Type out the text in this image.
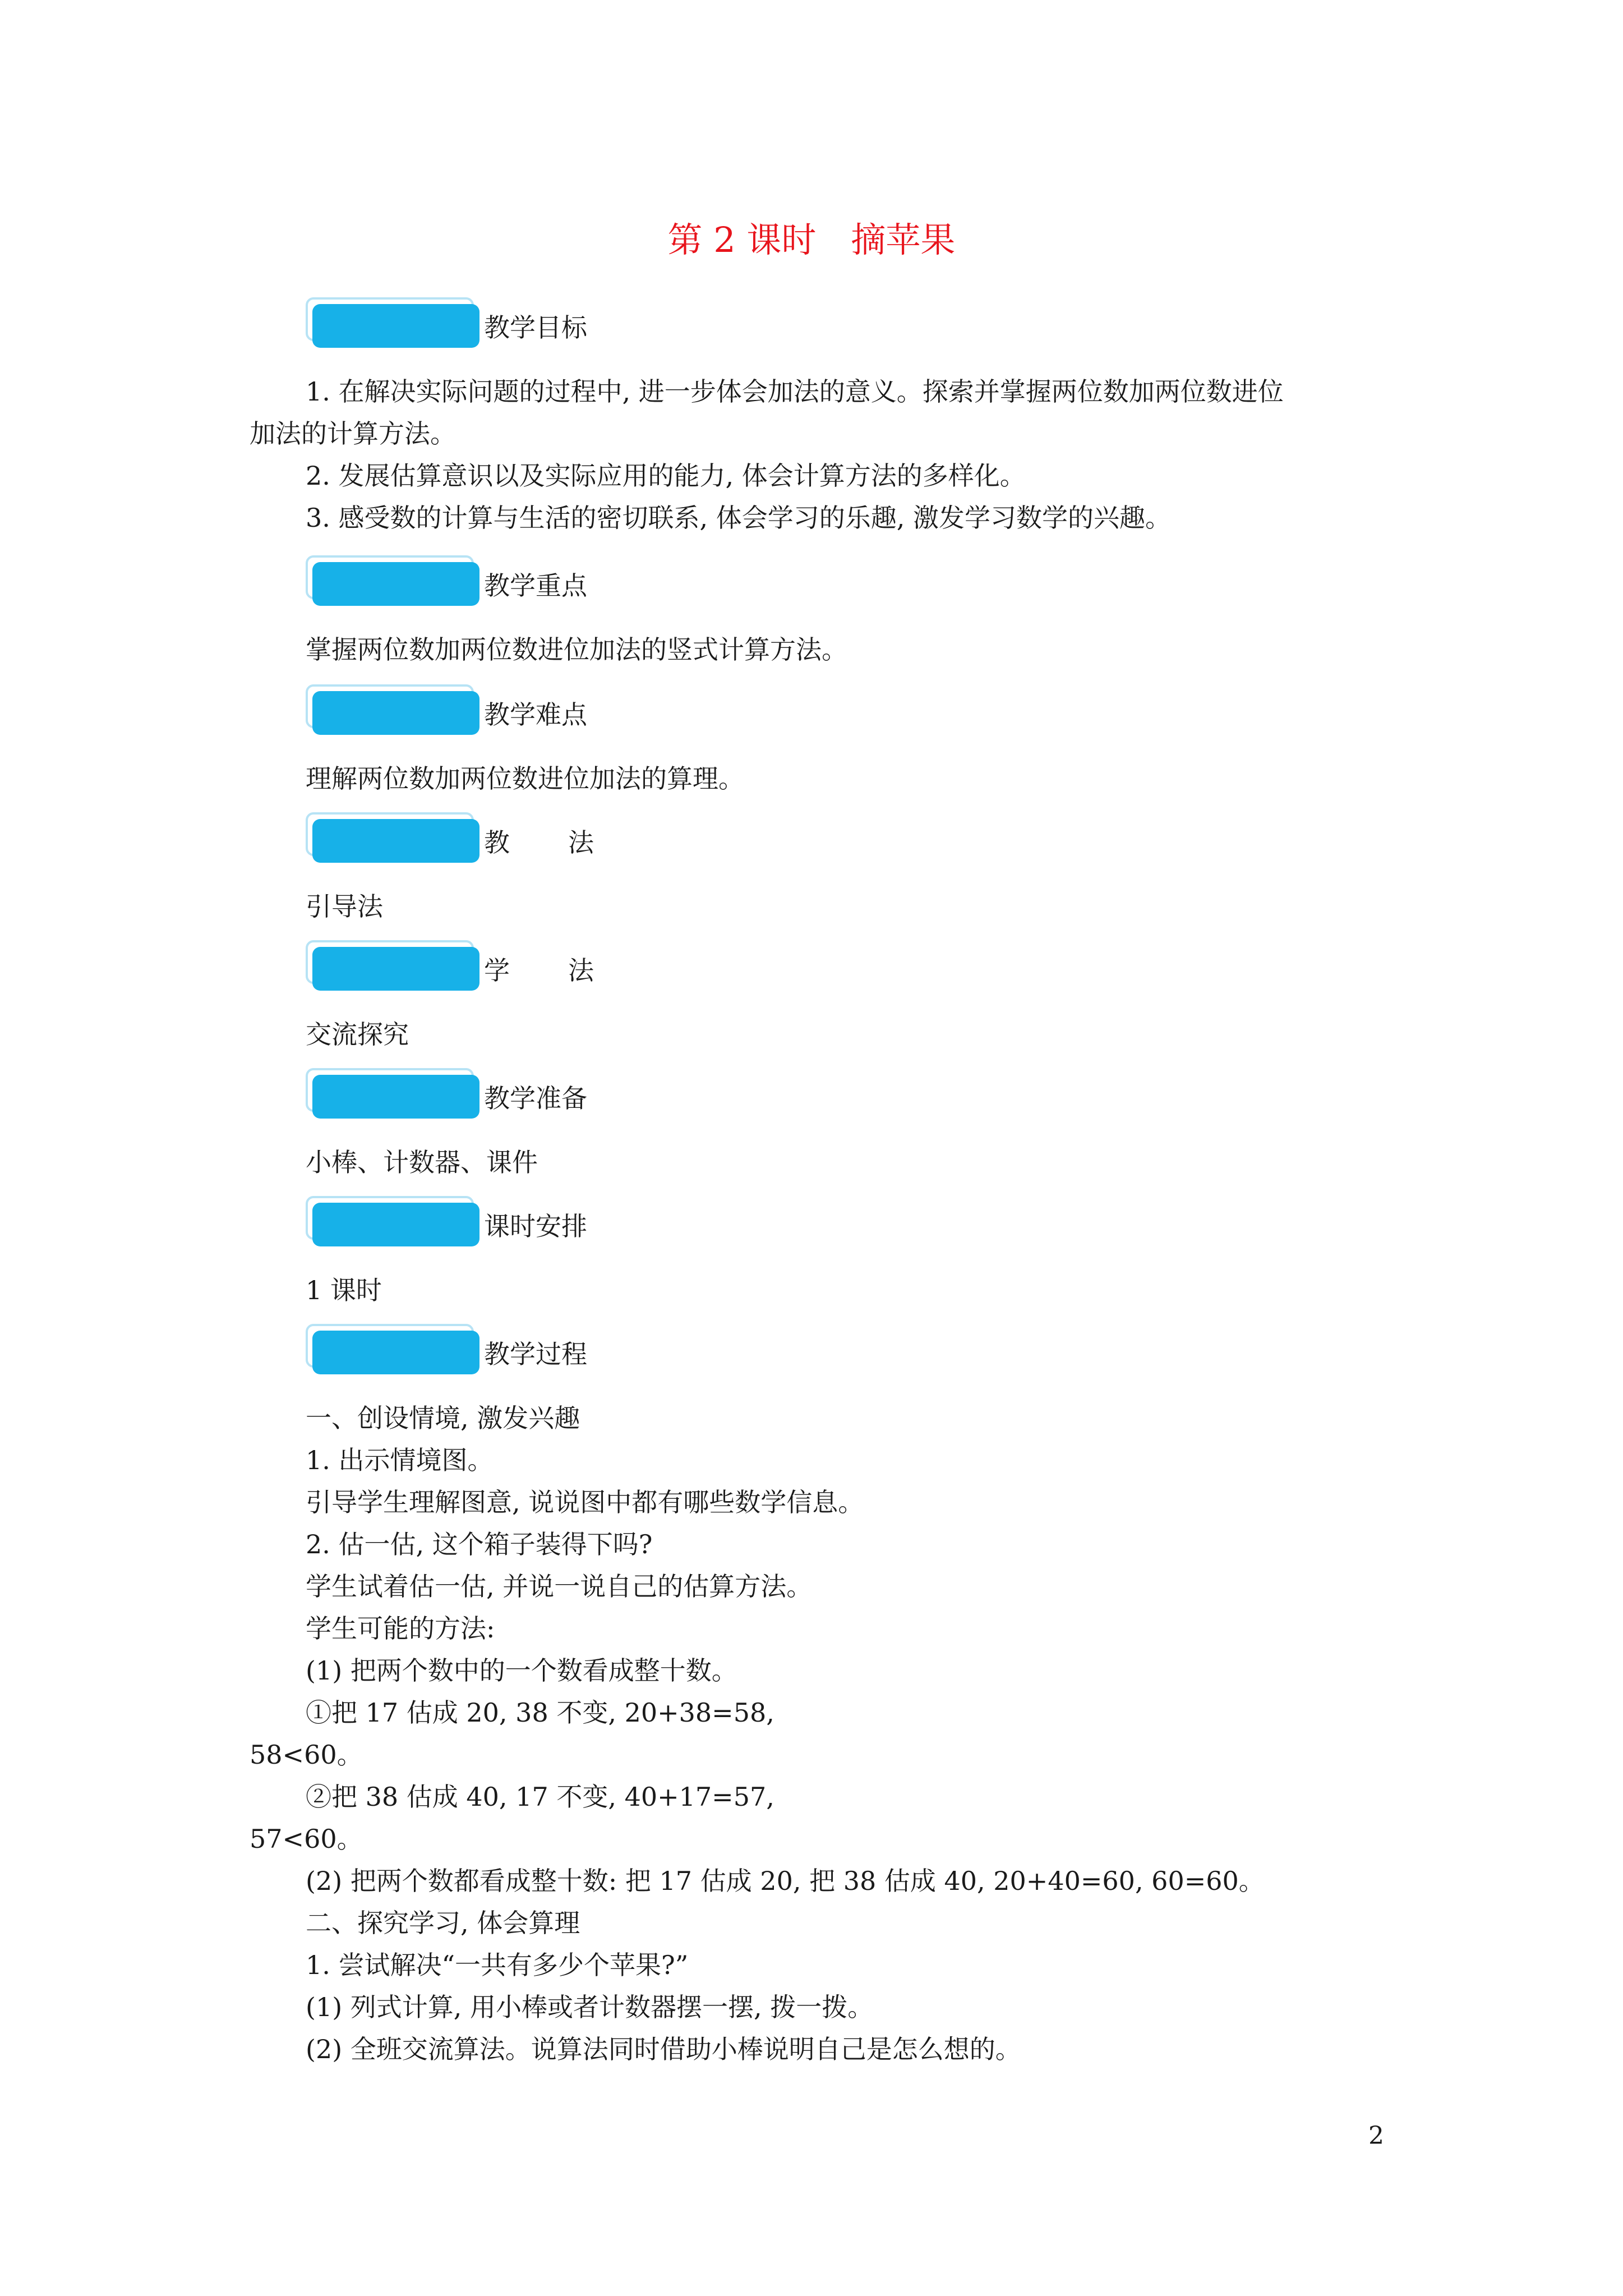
第 2 课时 摘苹果
教学目标
1. 在解决实际问题的过程中, 进一步体会加法的意义。探索并掌握两位数加两位数进位
加法的计算方法。
2. 发展估算意识以及实际应用的能力, 体会计算方法的多样化。
3. 感受数的计算与生活的密切联系, 体会学习的乐趣, 激发学习数学的兴趣。
教学重点
掌握两位数加两位数进位加法的竖式计算方法。
教学难点
理解两位数加两位数进位加法的算理。
教 法
引导法
学 法
交流探究
教学准备
小棒、计数器、课件
课时安排
1 课时
教学过程
一、创设情境, 激发兴趣
1. 出示情境图。
引导学生理解图意, 说说图中都有哪些数学信息。
2. 估一估, 这个箱子装得下吗?
学生试着估一估, 并说一说自己的估算方法。
学生可能的方法:
(1) 把两个数中的一个数看成整十数。
①把 17 估成 20, 38 不变, 20+38=58,
58<60。
②把 38 估成 40, 17 不变, 40+17=57,
57<60。
(2) 把两个数都看成整十数: 把 17 估成 20, 把 38 估成 40, 20+40=60, 60=60。
二、探究学习, 体会算理
1. 尝试解决“一共有多少个苹果?”
(1) 列式计算, 用小棒或者计数器摆一摆, 拨一拨。
(2) 全班交流算法。说算法同时借助小棒说明自己是怎么想的。
2
